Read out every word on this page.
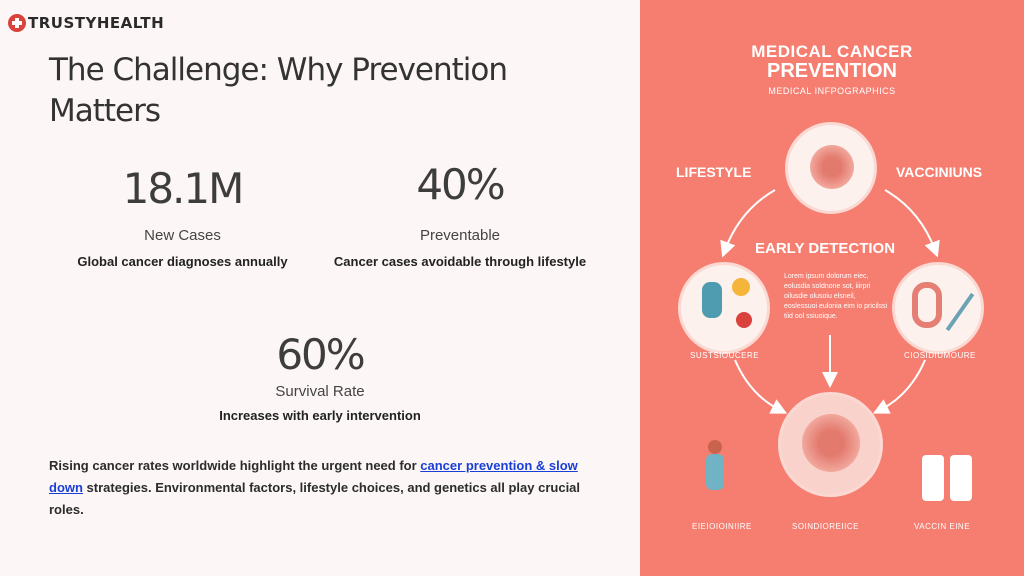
TRUSTYHEALTH
The Challenge: Why Prevention Matters
18.1M
New Cases
Global cancer diagnoses annually
40%
Preventable
Cancer cases avoidable through lifestyle
60%
Survival Rate
Increases with early intervention

Rising cancer rates worldwide highlight the urgent need for cancer prevention & slow down strategies. Environmental factors, lifestyle choices, and genetics all play crucial roles.

MEDICAL CANCER
PREVENTION
MEDICAL INFPOGRAPHICS
LIFESTYLE	VACCINIUNS
EARLY DETECTION
Lorem ipsum dolorum eiec, eolusdia soldnone sot, iiirpri oilusdie olusoiu elsneil, eoslessuoi eulonia eim io pricilssi tiid ool ssiuoique.
SUSTSIOUCERE	CIOSIDIUMOURE
EIEIOIOINIIRE	SOINDIOREIICE	VACCIN EINE
